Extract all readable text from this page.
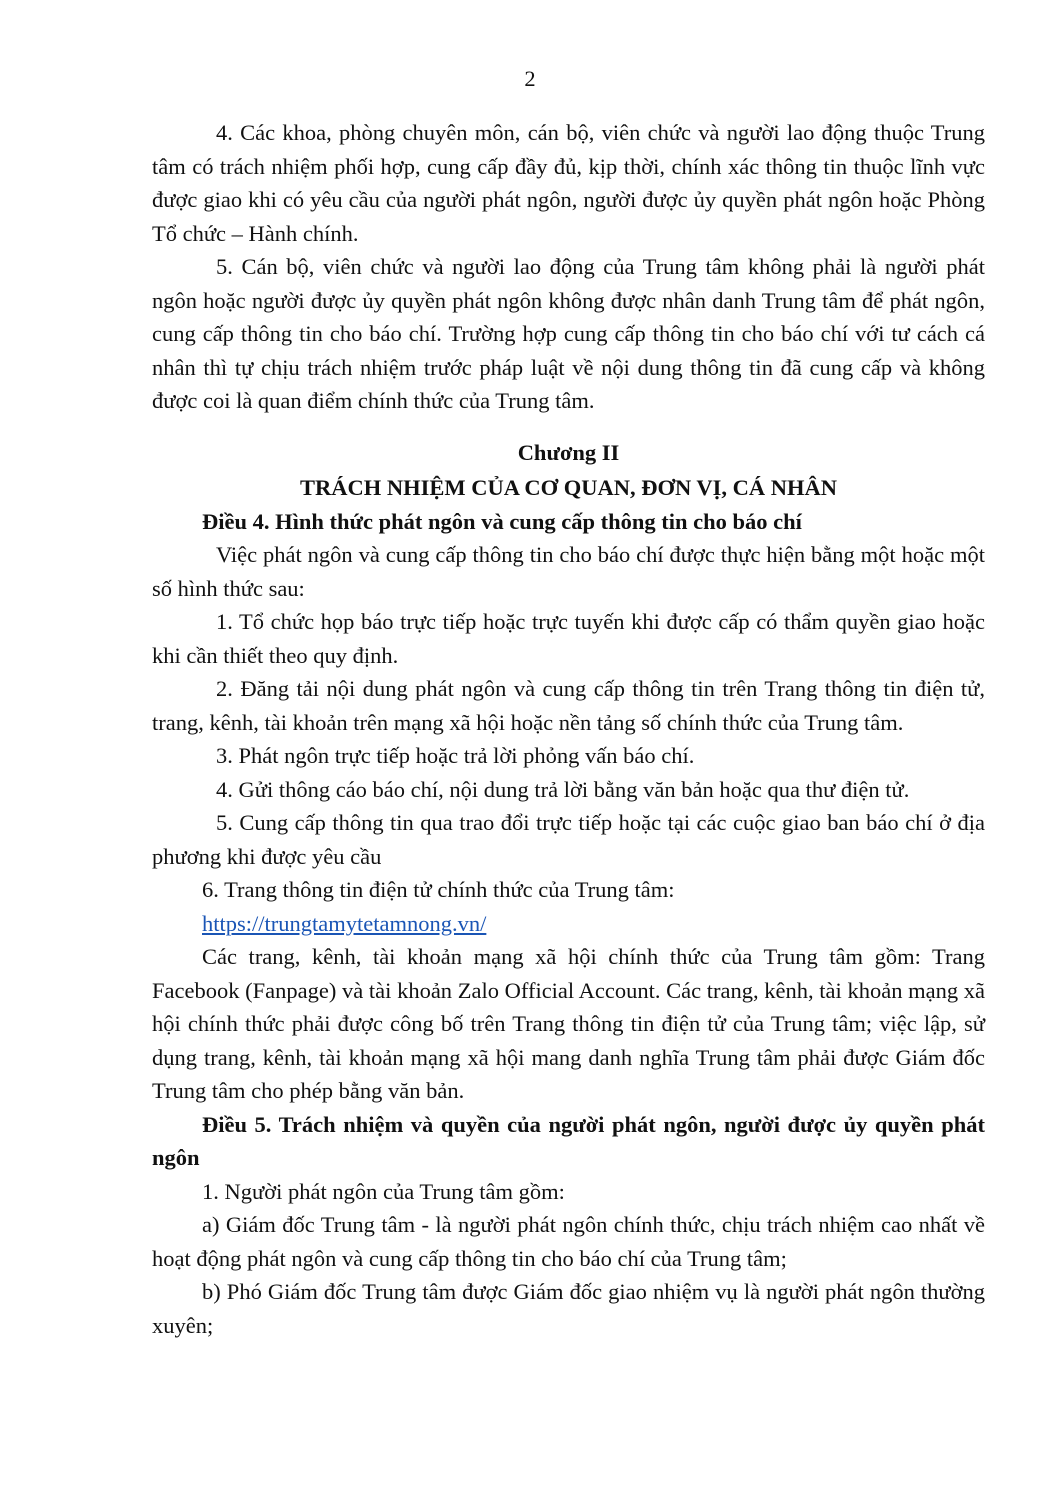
2

4. Các khoa, phòng chuyên môn, cán bộ, viên chức và người lao động thuộc Trung tâm có trách nhiệm phối hợp, cung cấp đầy đủ, kịp thời, chính xác thông tin thuộc lĩnh vực được giao khi có yêu cầu của người phát ngôn, người được ủy quyền phát ngôn hoặc Phòng Tổ chức – Hành chính.

5. Cán bộ, viên chức và người lao động của Trung tâm không phải là người phát ngôn hoặc người được ủy quyền phát ngôn không được nhân danh Trung tâm để phát ngôn, cung cấp thông tin cho báo chí. Trường hợp cung cấp thông tin cho báo chí với tư cách cá nhân thì tự chịu trách nhiệm trước pháp luật về nội dung thông tin đã cung cấp và không được coi là quan điểm chính thức của Trung tâm.

Chương II

TRÁCH NHIỆM CỦA CƠ QUAN, ĐƠN VỊ, CÁ NHÂN

Điều 4. Hình thức phát ngôn và cung cấp thông tin cho báo chí

Việc phát ngôn và cung cấp thông tin cho báo chí được thực hiện bằng một hoặc một số hình thức sau:

1. Tổ chức họp báo trực tiếp hoặc trực tuyến khi được cấp có thẩm quyền giao hoặc khi cần thiết theo quy định.

2. Đăng tải nội dung phát ngôn và cung cấp thông tin trên Trang thông tin điện tử, trang, kênh, tài khoản trên mạng xã hội hoặc nền tảng số chính thức của Trung tâm.

3. Phát ngôn trực tiếp hoặc trả lời phỏng vấn báo chí.

4. Gửi thông cáo báo chí, nội dung trả lời bằng văn bản hoặc qua thư điện tử.

5. Cung cấp thông tin qua trao đổi trực tiếp hoặc tại các cuộc giao ban báo chí ở địa phương khi được yêu cầu

6. Trang thông tin điện tử chính thức của Trung tâm:

https://trungtamytetamnong.vn/

Các trang, kênh, tài khoản mạng xã hội chính thức của Trung tâm gồm: Trang Facebook (Fanpage) và tài khoản Zalo Official Account. Các trang, kênh, tài khoản mạng xã hội chính thức phải được công bố trên Trang thông tin điện tử của Trung tâm; việc lập, sử dụng trang, kênh, tài khoản mạng xã hội mang danh nghĩa Trung tâm phải được Giám đốc Trung tâm cho phép bằng văn bản.

Điều 5. Trách nhiệm và quyền của người phát ngôn, người được ủy quyền phát ngôn

1. Người phát ngôn của Trung tâm gồm:

a) Giám đốc Trung tâm - là người phát ngôn chính thức, chịu trách nhiệm cao nhất về hoạt động phát ngôn và cung cấp thông tin cho báo chí của Trung tâm;

b) Phó Giám đốc Trung tâm được Giám đốc giao nhiệm vụ là người phát ngôn thường xuyên;
